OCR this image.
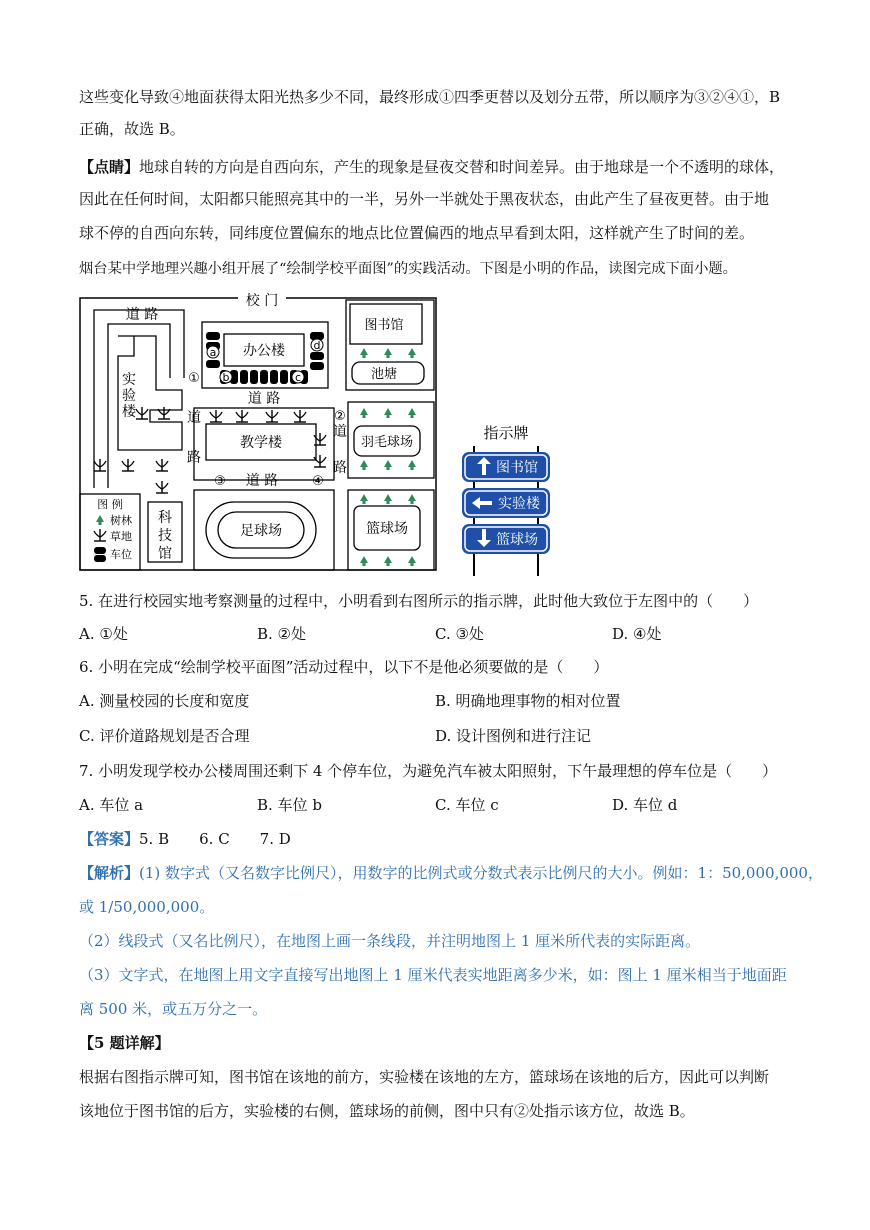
这些变化导致④地面获得太阳光热多少不同，最终形成①四季更替以及划分五带，所以顺序为③②④①，B
正确，故选 B。
【点睛】地球自转的方向是自西向东，产生的现象是昼夜交替和时间差异。由于地球是一个不透明的球体，
因此在任何时间，太阳都只能照亮其中的一半，另外一半就处于黑夜状态，由此产生了昼夜更替。由于地
球不停的自西向东转，同纬度位置偏东的地点比位置偏西的地点早看到太阳，这样就产生了时间的差。
烟台某中学地理兴趣小组开展了“绘制学校平面图”的实践活动。下图是小明的作品，读图完成下面小题。
校 门
道 路
实
验
楼
办公楼
a
b	c
d
①
图书馆
池塘
道 路
教学楼
道
路
②
道
路
羽毛球场
③ 道 路	④
图 例
树林
草地
车位
科
技
馆
足球场	篮球场
指示牌
图书馆
实验楼
篮球场
5. 在进行校园实地考察测量的过程中，小明看到右图所示的指示牌，此时他大致位于左图中的（　　）
A. ①处	B. ②处	C. ③处	D. ④处
6. 小明在完成“绘制学校平面图”活动过程中，以下不是他必须要做的是（　　）
A. 测量校园的长度和宽度	B. 明确地理事物的相对位置
C. 评价道路规划是否合理	D. 设计图例和进行注记
7. 小明发现学校办公楼周围还剩下 4 个停车位，为避免汽车被太阳照射，下午最理想的停车位是（　　）
A. 车位 a	B. 车位 b	C. 车位 c	D. 车位 d
【答案】5. B　　6. C　　7. D
【解析】(1) 数字式（又名数字比例尺），用数字的比例式或分数式表示比例尺的大小。例如：1：50,000,000，
或 1/50,000,000。
（2）线段式（又名比例尺），在地图上画一条线段，并注明地图上 1 厘米所代表的实际距离。
（3）文字式，在地图上用文字直接写出地图上 1 厘米代表实地距离多少米，如：图上 1 厘米相当于地面距
离 500 米，或五万分之一。
【5 题详解】
根据右图指示牌可知，图书馆在该地的前方，实验楼在该地的左方，篮球场在该地的后方，因此可以判断
该地位于图书馆的后方，实验楼的右侧，篮球场的前侧，图中只有②处指示该方位，故选 B。
